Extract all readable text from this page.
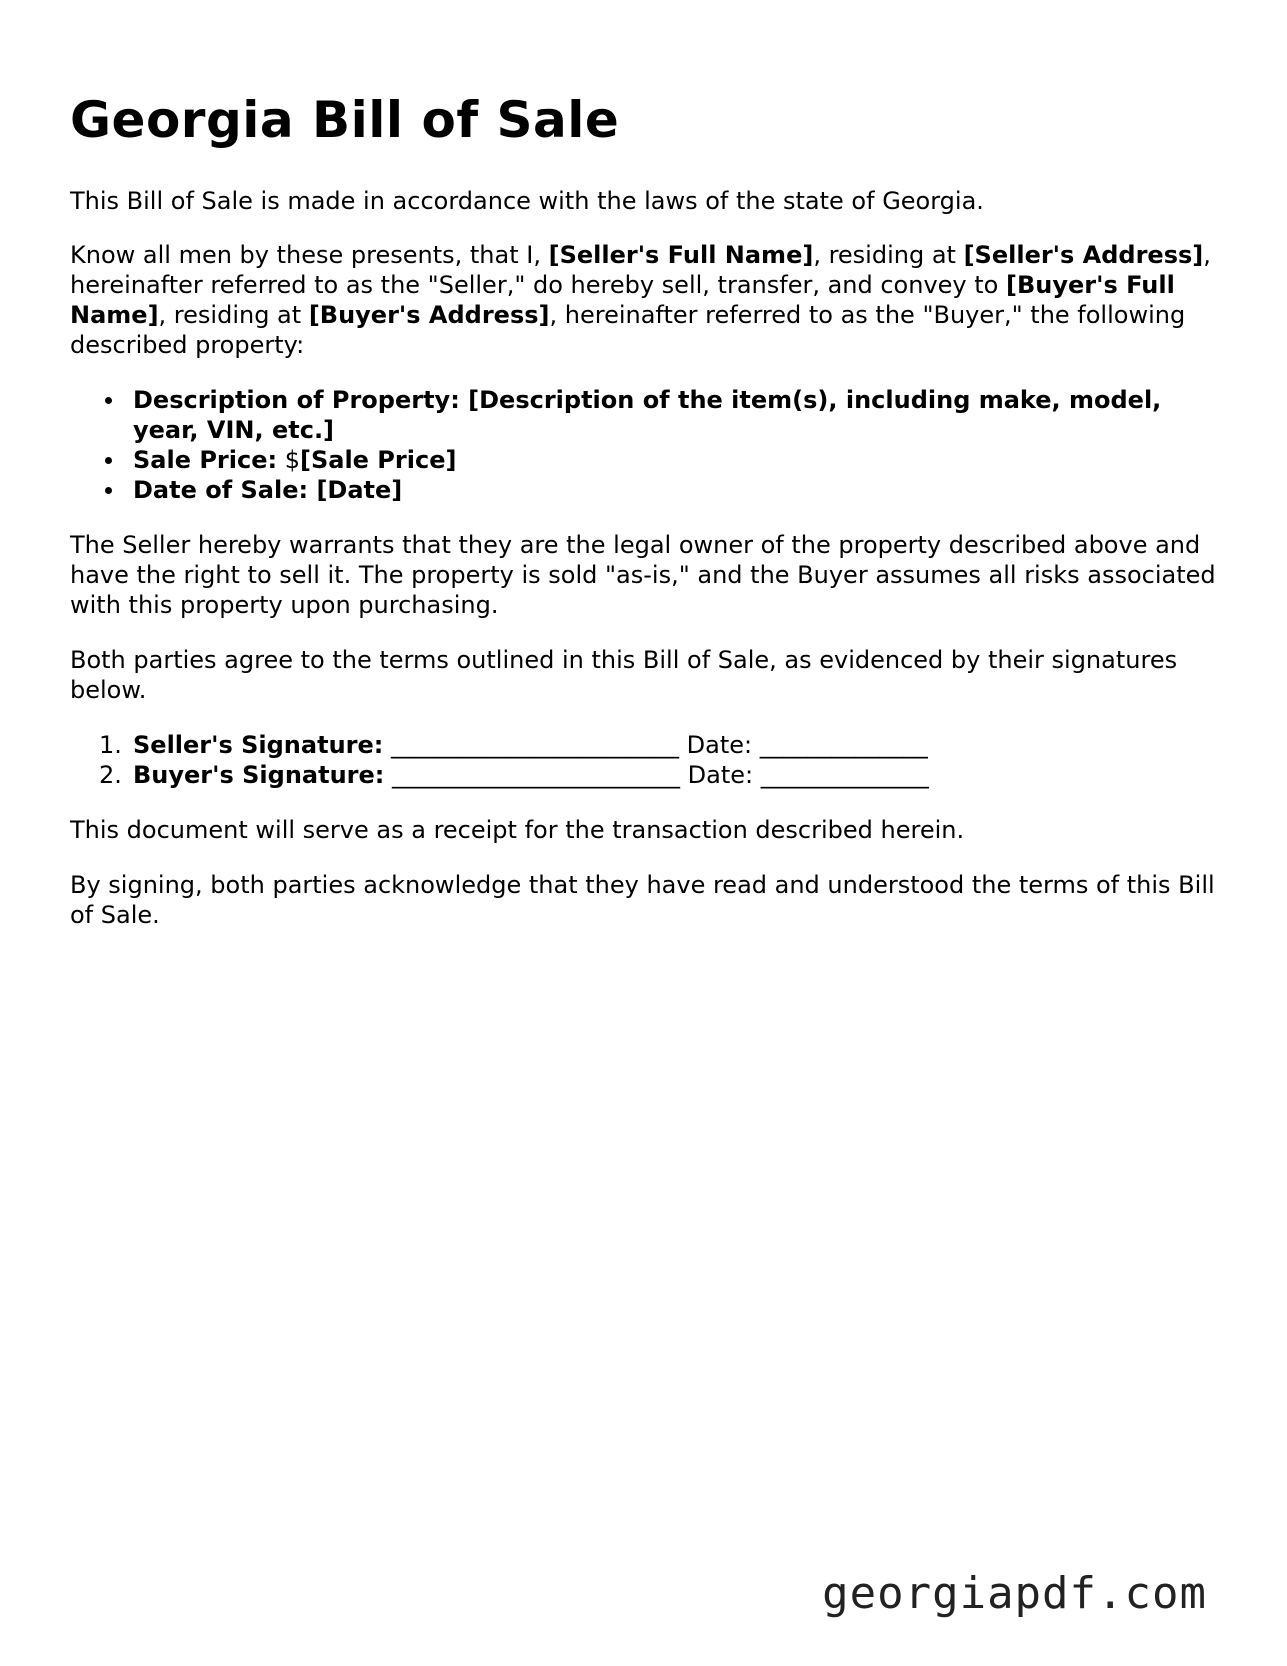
Georgia Bill of Sale

This Bill of Sale is made in accordance with the laws of the state of Georgia.

Know all men by these presents, that I, [Seller's Full Name], residing at [Seller's Address], hereinafter referred to as the "Seller," do hereby sell, transfer, and convey to [Buyer's Full Name], residing at [Buyer's Address], hereinafter referred to as the "Buyer," the following described property:

Description of Property: [Description of the item(s), including make, model, year, VIN, etc.]
Sale Price: $[Sale Price]
Date of Sale: [Date]

The Seller hereby warrants that they are the legal owner of the property described above and have the right to sell it. The property is sold "as-is," and the Buyer assumes all risks associated with this property upon purchasing.

Both parties agree to the terms outlined in this Bill of Sale, as evidenced by their signatures below.

1. Seller's Signature: ________________________ Date: ______________
2. Buyer's Signature: ________________________ Date: ______________

This document will serve as a receipt for the transaction described herein.

By signing, both parties acknowledge that they have read and understood the terms of this Bill of Sale.

georgiapdf.com
